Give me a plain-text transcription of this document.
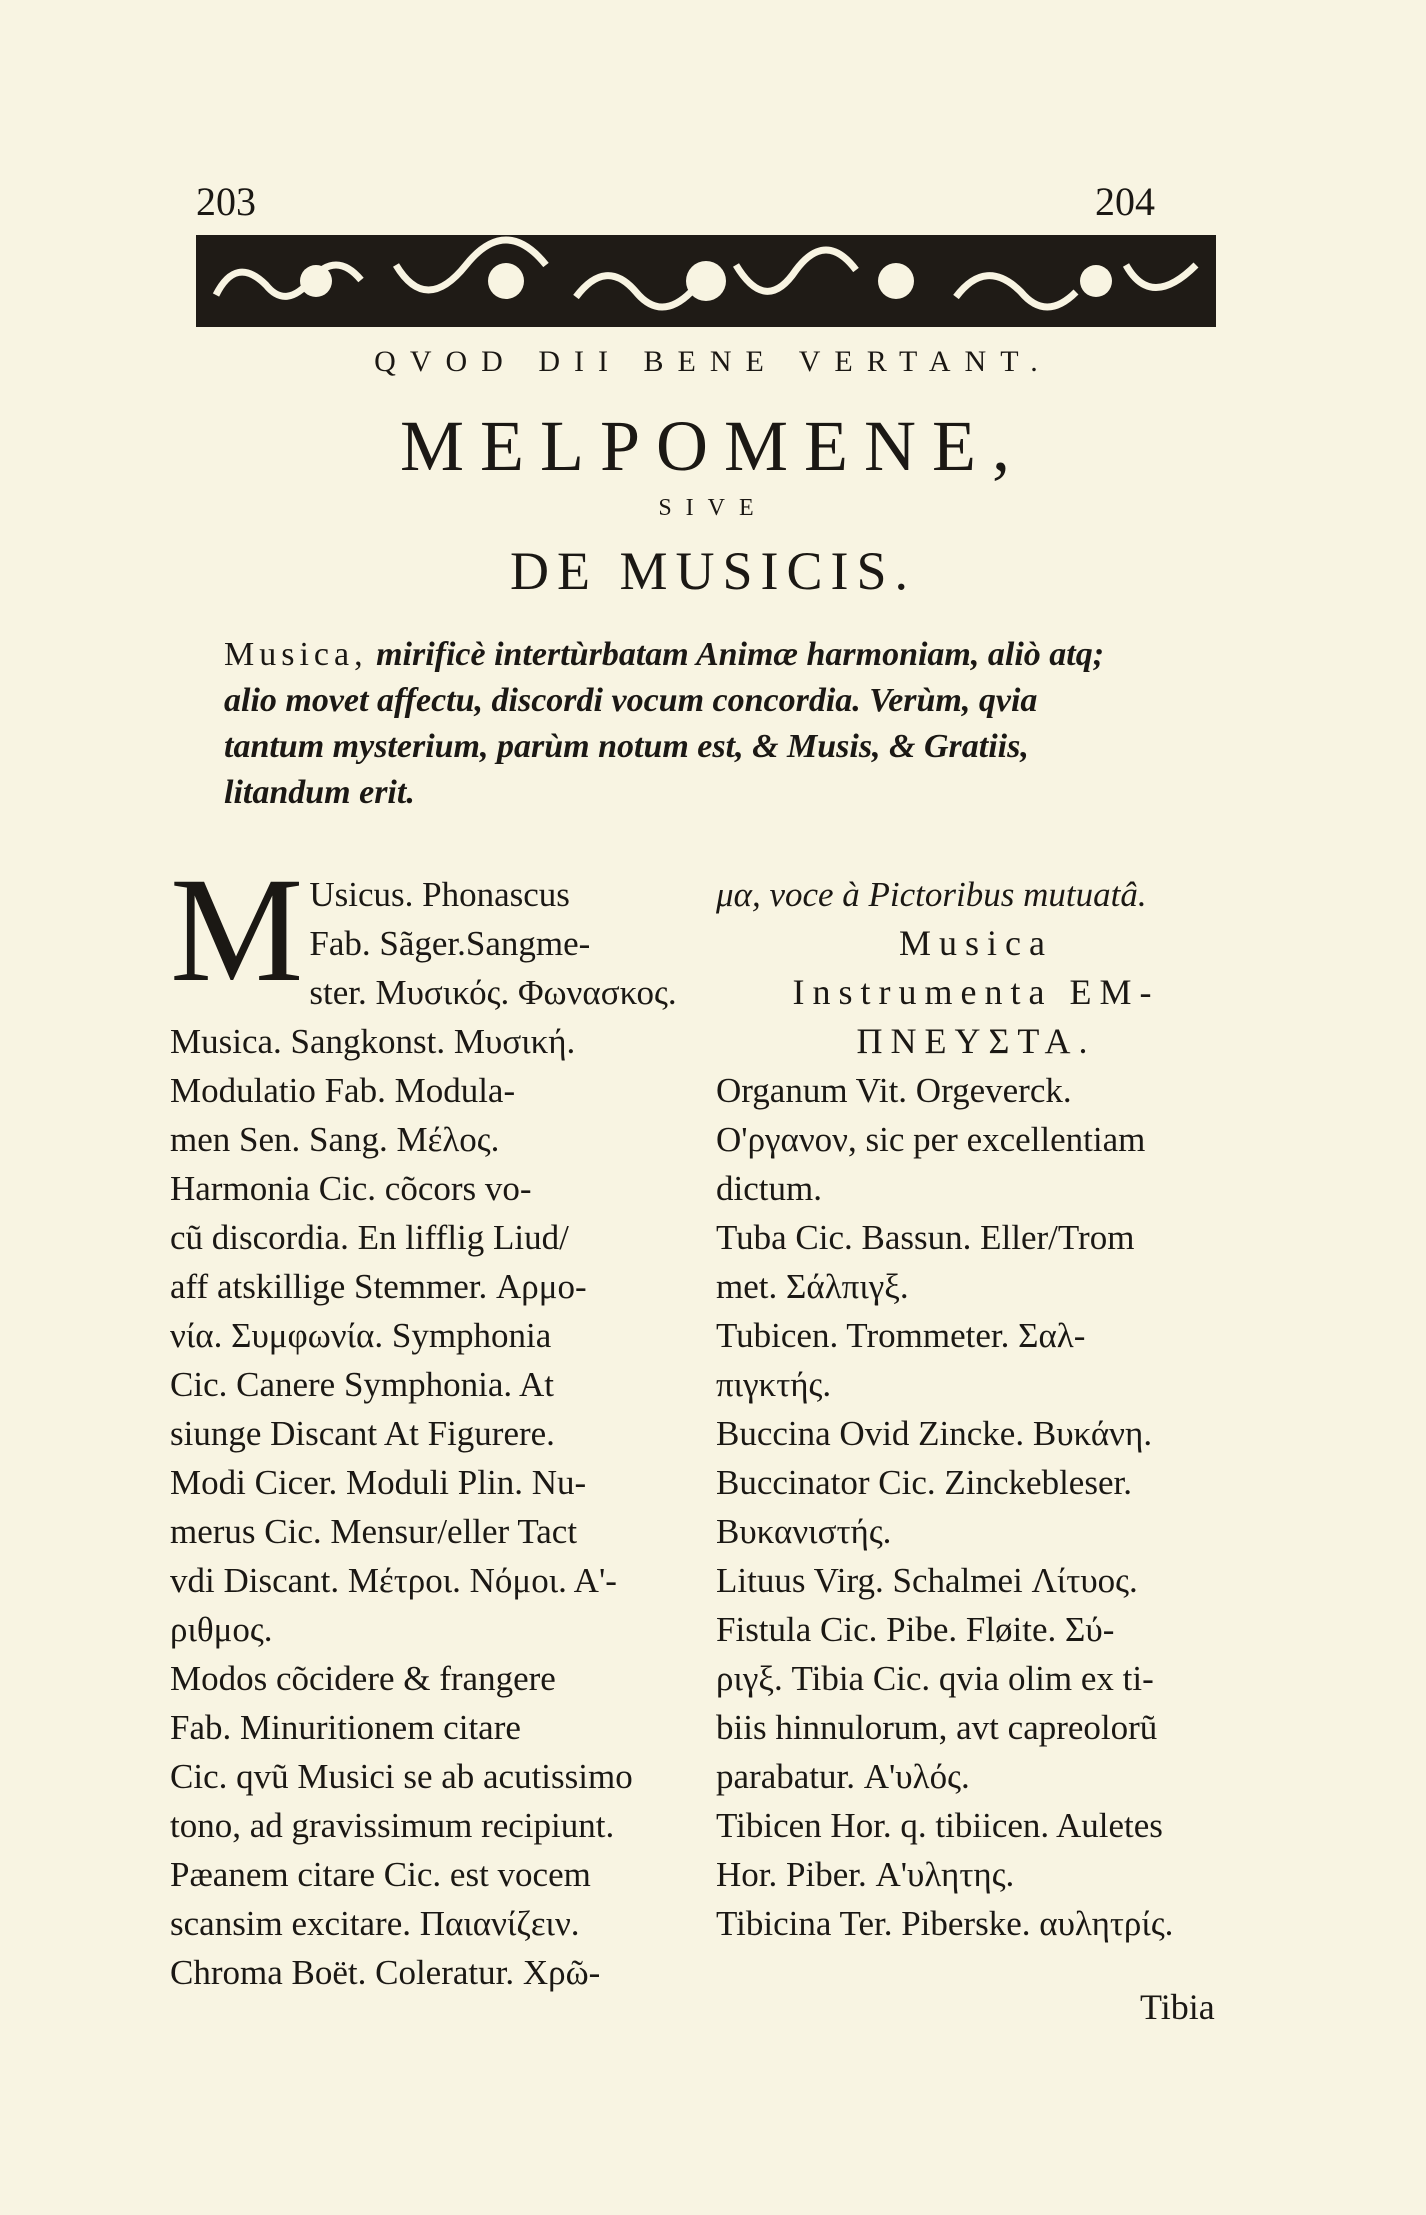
203	204
QVOD DII BENE VERTANT.
MELPOMENE,
SIVE
DE MUSICIS.
Musica, mirificè intertùrbatam Animæ harmoniam, aliò atq; alio movet affectu, discordi vocum concordia. Verùm, qvia tantum mysterium, parùm notum est, & Musis, & Gratiis, litandum erit.
M Usicus. Phonascus
Fab. Sãger.Sangme-
ster. Μυσικός. Φωνασκος.
Musica. Sangkonst. Μυσική.
Modulatio Fab. Modula-
men Sen. Sang. Μέλος.
Harmonia Cic. cõcors vo-
cũ discordia. En lifflig Liud/
aff atskillige Stemmer. Αρμο-
νία. Συμφωνία. Symphonia
Cic. Canere Symphonia. At
siunge Discant At Figurere.
Modi Cicer. Moduli Plin. Nu-
merus Cic. Mensur/eller Tact
vdi Discant. Μέτροι. Νόμοι. Α'-
ριθμος.
Modos cõcidere & frangere
Fab. Minuritionem citare
Cic. qvũ Musici se ab acutissimo
tono, ad gravissimum recipiunt.
Pæanem citare Cic. est vocem
scansim excitare. Παιανίζειν.
Chroma Boët. Coleratur. Χρῶ-
μα, voce à Pictoribus mutuatâ.
Musica
Instrumenta EM-
ΠΝΕΥΣΤΑ.
Organum Vit. Orgeverck.
Ο'ργανον, sic per excellentiam
dictum.
Tuba Cic. Bassun. Eller/Trom
met. Σάλπιγξ.
Tubicen. Trommeter. Σαλ-
πιγκτής.
Buccina Ovid Zincke. Βυκάνη.
Buccinator Cic. Zinckebleser.
Βυκανιστής.
Lituus Virg. Schalmei Λίτυος.
Fistula Cic. Pibe. Fløite. Σύ-
ριγξ. Tibia Cic. qvia olim ex ti-
biis hinnulorum, avt capreolorũ
parabatur. Α'υλός.
Tibicen Hor. q. tibiicen. Auletes
Hor. Piber. Α'υλητης.
Tibicina Ter. Piberske. αυλητρίς.
Tibia
